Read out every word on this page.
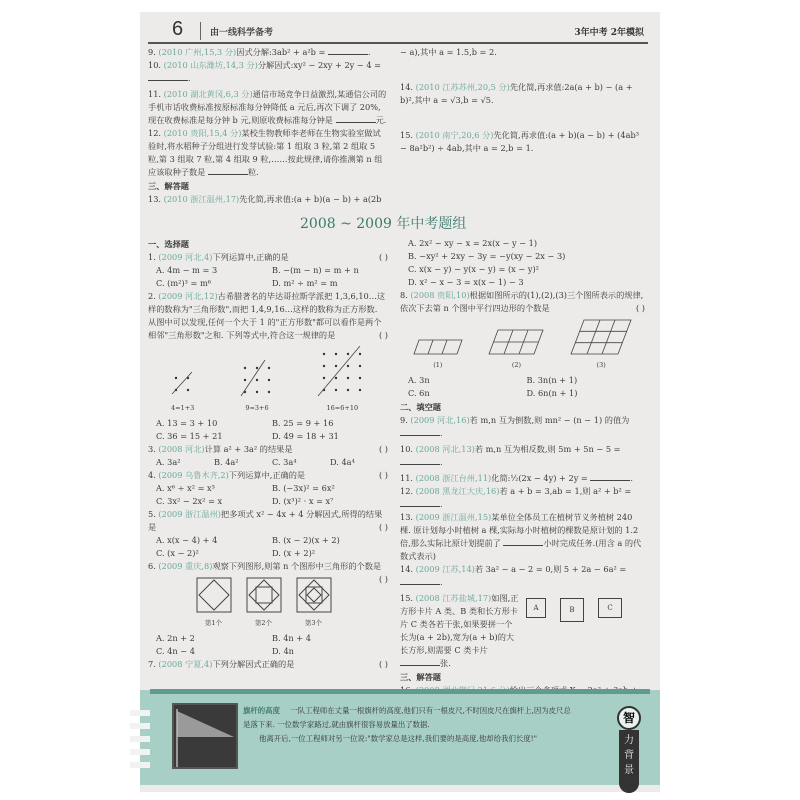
6	由一线科学备考	3年中考 2年模拟

9. (2010 广州,15,3 分)因式分解:3ab² + a²b =	.

10. (2010 山东潍坊,14,3 分)分解因式:xy² − 2xy + 2y − 4 = .

11. (2010 湖北黄冈,6,3 分)通信市场竞争日益激烈,某通信公司的手机市话收费标准按原标准每分钟降低 a 元后,再次下调了 20%,现在收费标准是每分钟 b 元,则原收费标准每分钟是	元.

12. (2010 贵阳,15,4 分)某校生物教师李老师在生物实验室做试验时,将水稻种子分组进行发芽试验:第 1 组取 3 粒,第 2 组取 5 粒,第 3 组取 7 粒,第 4 组取 9 粒,……按此规律,请你推测第 n 组应该取种子数是	粒.

三、解答题

13. (2010 浙江温州,17)先化简,再求值:(a + b)(a − b) + a(2b

− a),其中 a = 1.5,b = 2.

14. (2010 江苏苏州,20,5 分)先化简,再求值:2a(a + b) − (a + b)²,其中 a = √3,b = √5.

15. (2010 南宁,20,6 分)先化简,再求值:(a + b)(a − b) + (4ab³ − 8a²b²) ÷ 4ab,其中 a = 2,b = 1.

2008 ~ 2009 年中考题组
一、选择题

1. (2009 河北,4)下列运算中,正确的是	( )

A. 4m − m = 3	B. −(m − n) = m + n
C. (m²)³ = m⁶	D. m² ÷ m² = m

2. (2009 河北,12)古希腊著名的毕达哥拉斯学派把 1,3,6,10…这样的数称为"三角形数",而把 1,4,9,16…这样的数称为正方形数. 从图中可以发现,任何一个大于 1 的"正方形数"都可以看作是两个相邻"三角形数"之和. 下列等式中,符合这一规律的是	( )

4=1+3	9=3+6	16=6+10
A. 13 = 3 + 10	B. 25 = 9 + 16
C. 36 = 15 + 21	D. 49 = 18 + 31

3. (2008 河北)计算 a² + 3a² 的结果是	( )

A. 3a²	B. 4a²	C. 3a⁴	D. 4a⁴

4. (2009 乌鲁木齐,2)下列运算中,正确的是	( )

A. x⁶ ÷ x² = x³	B. (−3x)² = 6x²
C. 3x² − 2x² = x	D. (x³)² · x = x⁷

5. (2009 浙江温州)把多项式 x² − 4x + 4 分解因式,所得的结果是	( )

A. x(x − 4) + 4	B. (x − 2)(x + 2)
C. (x − 2)²	D. (x + 2)²

6. (2009 重庆,8)观察下列图形,则第 n 个图形中三角形的个数是
( )

第1个	第2个	第3个
A. 2n + 2	B. 4n + 4
C. 4n − 4	D. 4n

7. (2008 宁夏,4)下列分解因式正确的是	( )

A. 2x² − xy − x = 2x(x − y − 1)
B. −xy² + 2xy − 3y = −y(xy − 2x − 3)
C. x(x − y) − y(x − y) = (x − y)²
D. x² − x − 3 = x(x − 1) − 3

8. (2008 贵阳,10)根据如图所示的(1),(2),(3)三个图所表示的规律,依次下去第 n 个图中平行四边形的个数是	( )

(1)	(2)	(3)
A. 3n	B. 3n(n + 1)
C. 6n	D. 6n(n + 1)
二、填空题

9. (2009 河北,16)若 m,n 互为倒数,则 mn² − (n − 1) 的值为 .

10. (2008 河北,13)若 m,n 互为相反数,则 5m + 5n − 5 = .

11. (2008 浙江台州,11)化简:½(2x − 4y) + 2y =	.

12. (2008 黑龙江大庆,16)若 a + b = 3,ab = 1,则 a² + b² = .

13. (2009 浙江温州,15)某单位全体员工在植树节义务植树 240 棵. 原计划每小时植树 a 棵,实际每小时植树的棵数是原计划的 1.2 倍,那么实际比原计划提前了	小时完成任务.(用含 a 的代数式表示)

14. (2009 江苏,14)若 3a² − a − 2 = 0,则 5 + 2a − 6a² = .

15. (2008 江苏盐城,17)如图,正方形卡片 A 类、B 类和长方形卡片 C 类各若干张,如果要拼一个长为(a + 2b),宽为(a + b)的大长方形,则需要 C 类卡片 张.

A	B	C
三、解答题

旗杆的高度 一队工程师在丈量一根旗杆的高度,他们只有一根皮尺,不时因皮尺在旗杆上,因为皮尺总是落下来. 一位数学家路过,就由旗杆很容易放量出了数据.
他离开后,一位工程师对另一位说:"数学家总是这样,我们要的是高度,他却给我们长度!"
智
力
背
景
